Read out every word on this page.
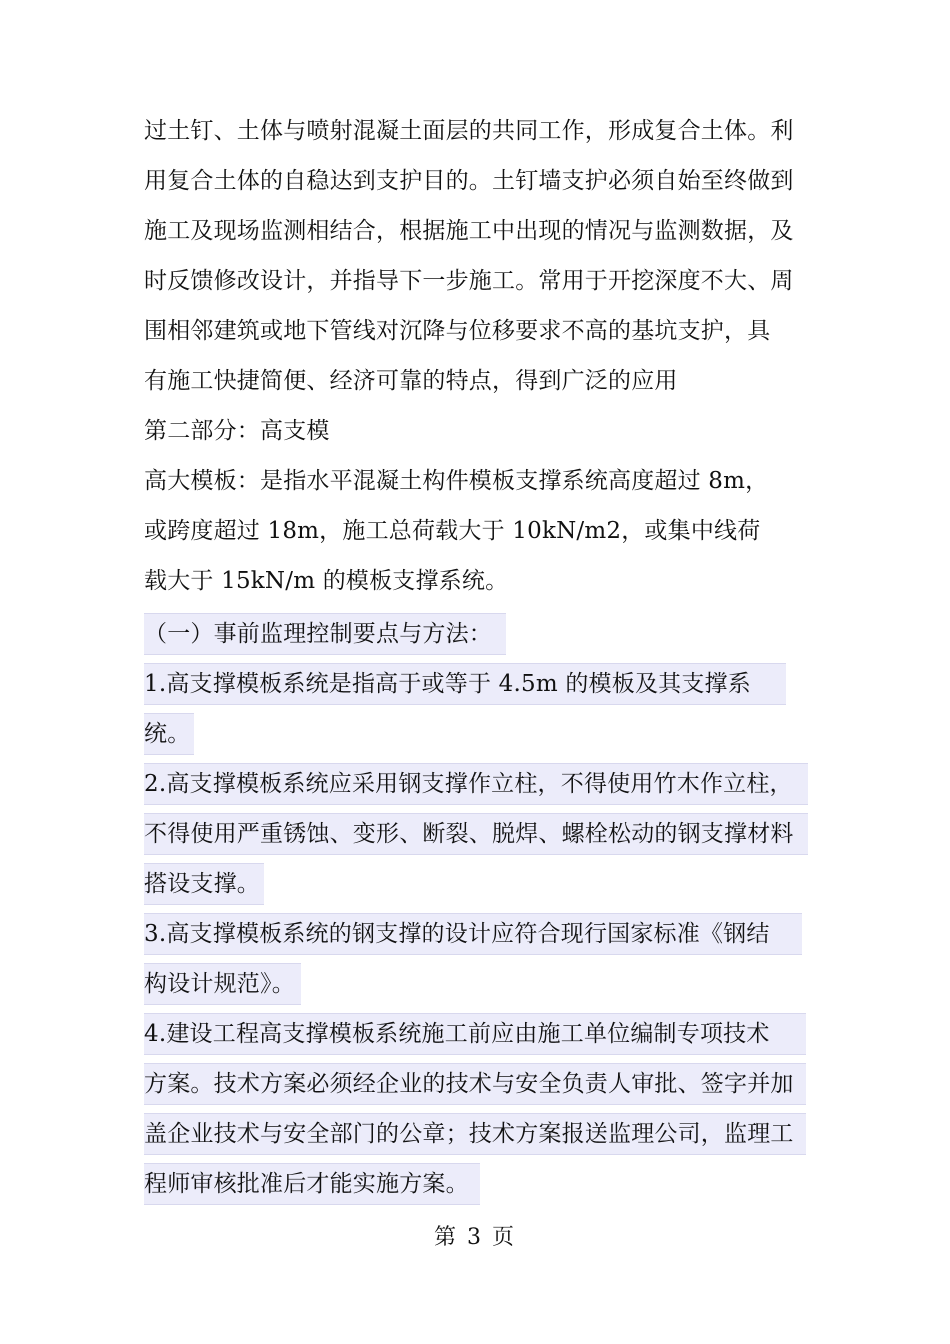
过土钉、土体与喷射混凝土面层的共同工作，形成复合土体。利
用复合土体的自稳达到支护目的。土钉墙支护必须自始至终做到
施工及现场监测相结合，根据施工中出现的情况与监测数据，及
时反馈修改设计，并指导下一步施工。常用于开挖深度不大、周
围相邻建筑或地下管线对沉降与位移要求不高的基坑支护，具
有施工快捷简便、经济可靠的特点，得到广泛的应用
第二部分：高支模
高大模板：是指水平混凝土构件模板支撑系统高度超过 8m，
或跨度超过 18m，施工总荷载大于 10kN/m2，或集中线荷
载大于 15kN/m 的模板支撑系统。
（一）事前监理控制要点与方法：
1.高支撑模板系统是指高于或等于 4.5m 的模板及其支撑系
统。
2.高支撑模板系统应采用钢支撑作立柱，不得使用竹木作立柱，
不得使用严重锈蚀、变形、断裂、脱焊、螺栓松动的钢支撑材料
搭设支撑。
3.高支撑模板系统的钢支撑的设计应符合现行国家标准《钢结
构设计规范》。
4.建设工程高支撑模板系统施工前应由施工单位编制专项技术
方案。技术方案必须经企业的技术与安全负责人审批、签字并加
盖企业技术与安全部门的公章；技术方案报送监理公司，监理工
程师审核批准后才能实施方案。
第 3 页
